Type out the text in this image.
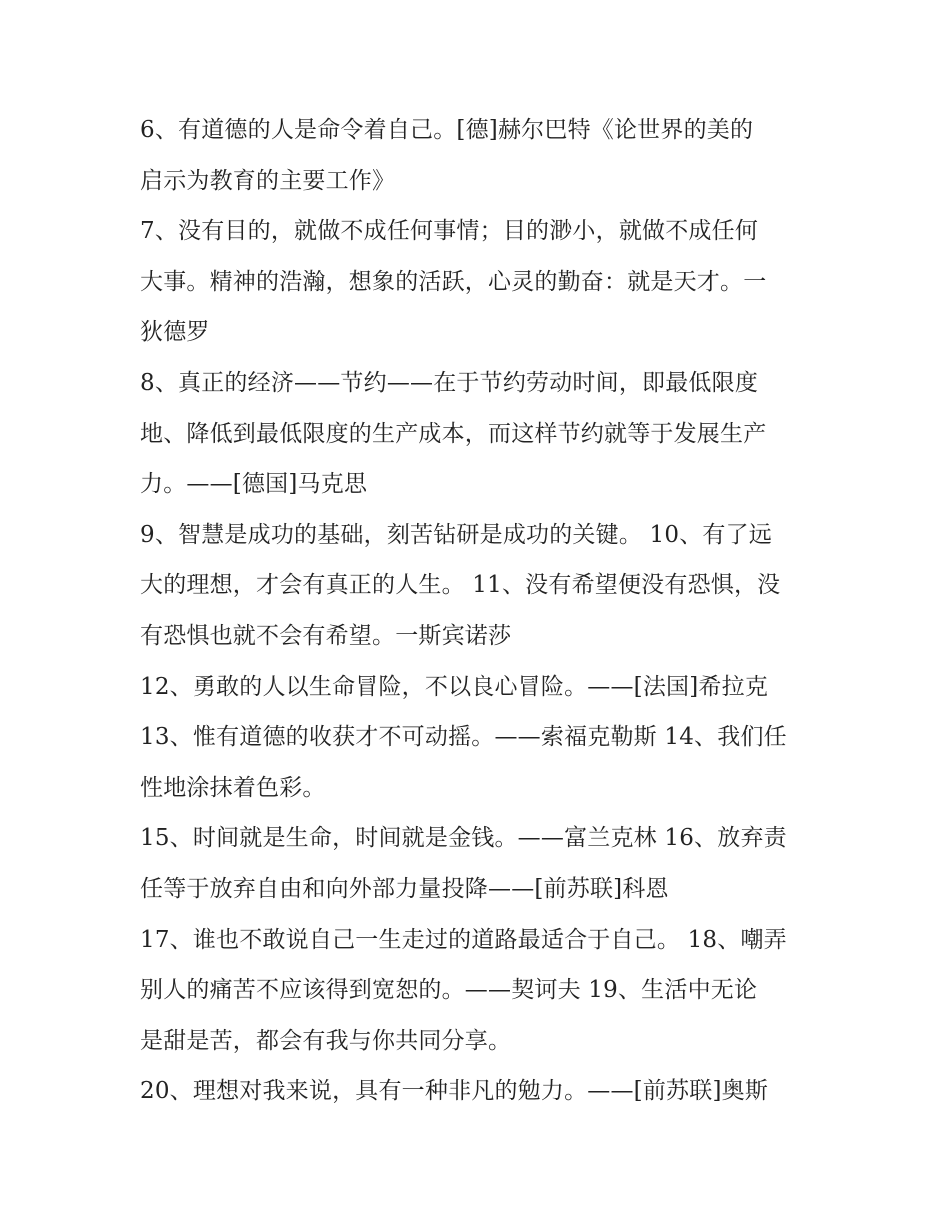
6、有道德的人是命令着自己。[德]赫尔巴特《论世界的美的
启示为教育的主要工作》
7、没有目的，就做不成任何事情；目的渺小，就做不成任何
大事。精神的浩瀚，想象的活跃，心灵的勤奋：就是天才。一
狄德罗
8、真正的经济——节约——在于节约劳动时间，即最低限度
地、降低到最低限度的生产成本，而这样节约就等于发展生产
力。——[德国]马克思
9、智慧是成功的基础，刻苦钻研是成功的关键。 10、有了远
大的理想，才会有真正的人生。 11、没有希望便没有恐惧，没
有恐惧也就不会有希望。一斯宾诺莎
12、勇敢的人以生命冒险，不以良心冒险。——[法国]希拉克
13、惟有道德的收获才不可动摇。——索福克勒斯 14、我们任
性地涂抹着色彩。
15、时间就是生命，时间就是金钱。——富兰克林 16、放弃责
任等于放弃自由和向外部力量投降——[前苏联]科恩
17、谁也不敢说自己一生走过的道路最适合于自己。 18、嘲弄
别人的痛苦不应该得到宽恕的。——契诃夫 19、生活中无论
是甜是苦，都会有我与你共同分享。
20、理想对我来说，具有一种非凡的勉力。——[前苏联]奥斯
